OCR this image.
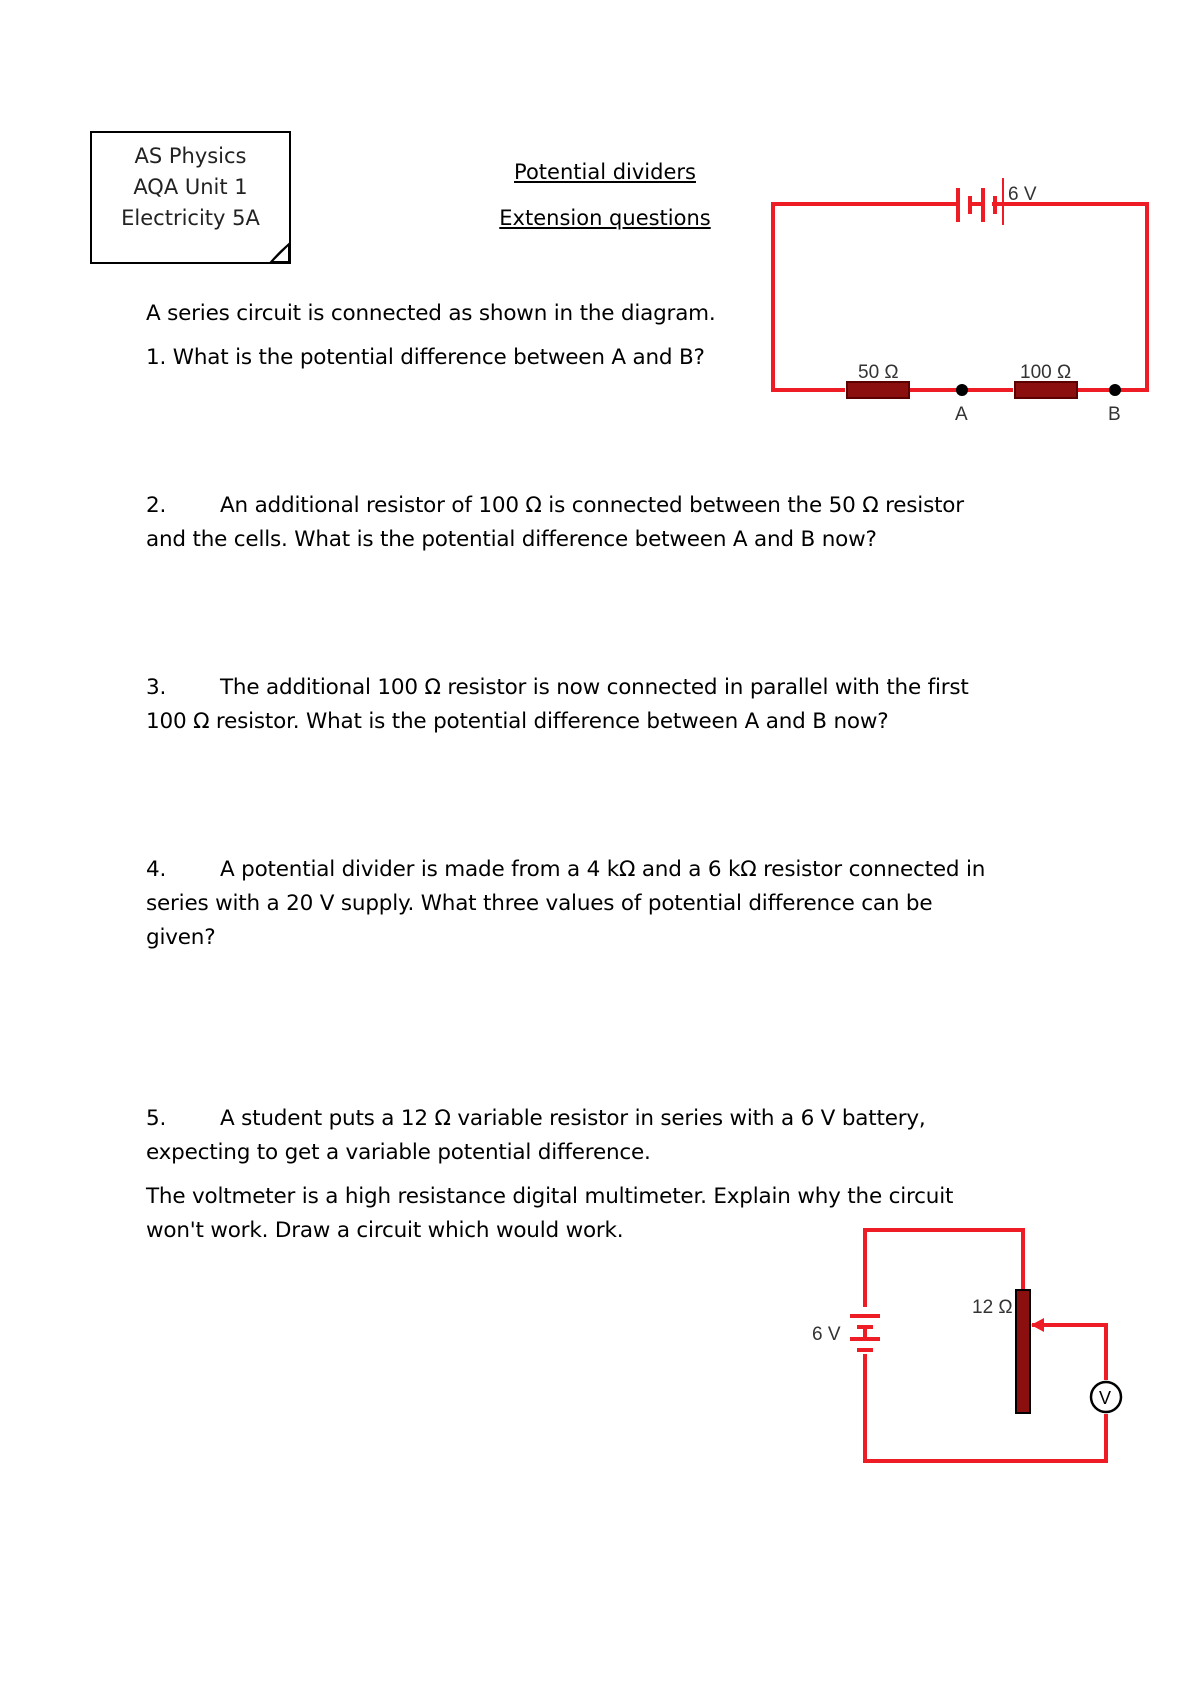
AS Physics
AQA Unit 1
Electricity 5A
Potential dividers
Extension questions

A series circuit is connected as shown in the diagram.

1. What is the potential difference between A and B?

2.	An additional resistor of 100 Ω is connected between the 50 Ω resistor

and the cells. What is the potential difference between A and B now?

3.	The additional 100 Ω resistor is now connected in parallel with the first

100 Ω resistor. What is the potential difference between A and B now?

4.	A potential divider is made from a 4 kΩ and a 6 kΩ resistor connected in

series with a 20 V supply. What three values of potential difference can be

given?

5.	A student puts a 12 Ω variable resistor in series with a 6 V battery,

expecting to get a variable potential difference.

The voltmeter is a high resistance digital multimeter. Explain why the circuit

won't work. Draw a circuit which would work.

6 V
50 Ω	100 Ω
A	B
6 V
12 Ω
V
